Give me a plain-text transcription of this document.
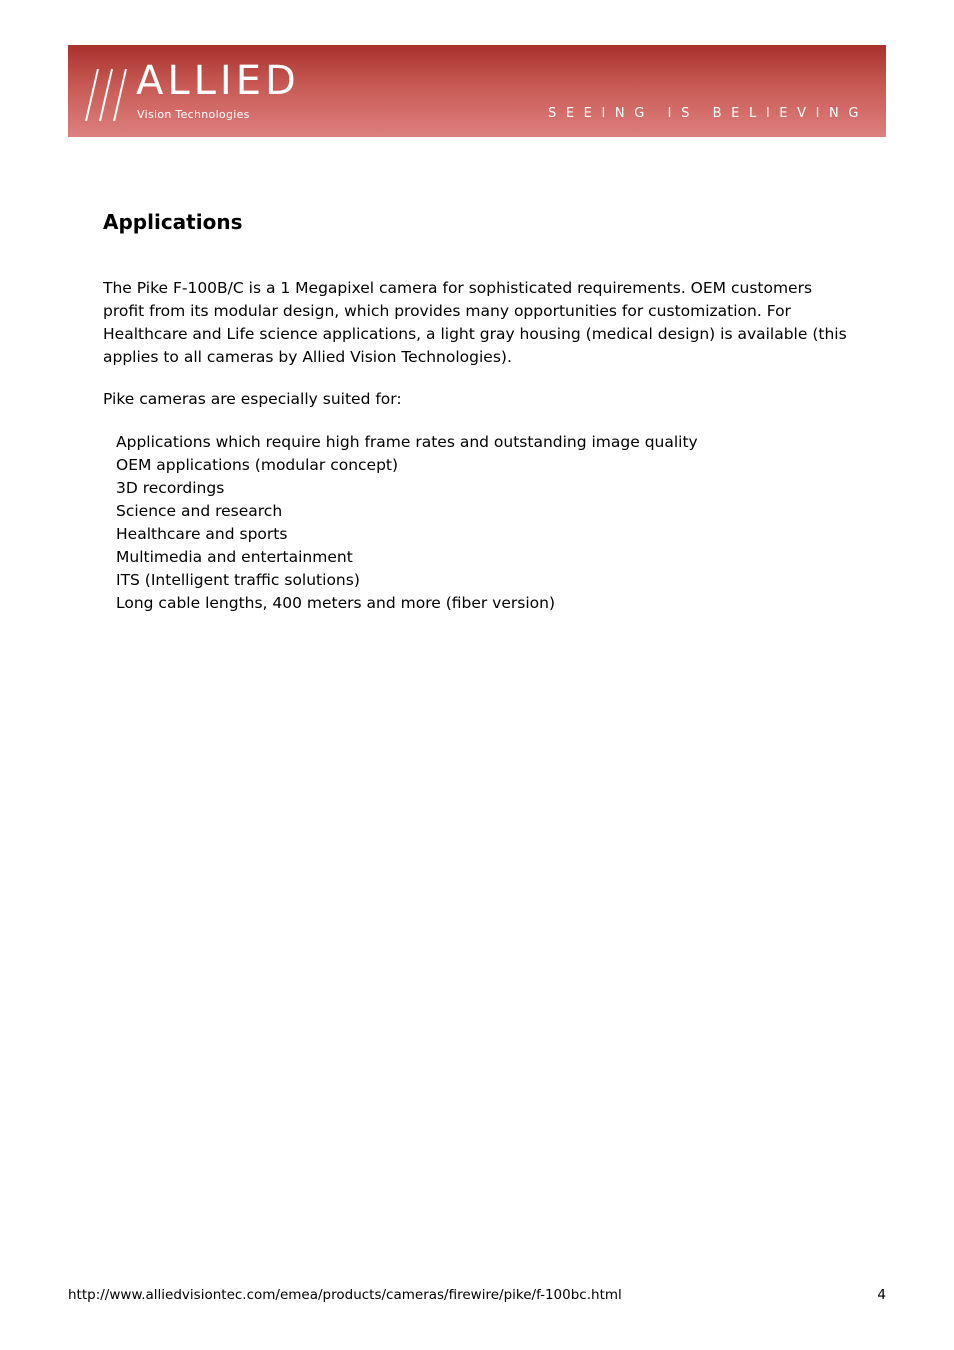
ALLIED
Vision Technologies	SEEING IS BELIEVING
Applications

The Pike F-100B/C is a 1 Megapixel camera for sophisticated requirements. OEM customers profit from its modular design, which provides many opportunities for customization. For Healthcare and Life science applications, a light gray housing (medical design) is available (this applies to all cameras by Allied Vision Technologies).

Pike cameras are especially suited for:

Applications which require high frame rates and outstanding image quality
OEM applications (modular concept)
3D recordings
Science and research
Healthcare and sports
Multimedia and entertainment
ITS (Intelligent traffic solutions)
Long cable lengths, 400 meters and more (fiber version)
http://www.alliedvisiontec.com/emea/products/cameras/firewire/pike/f-100bc.html	4
